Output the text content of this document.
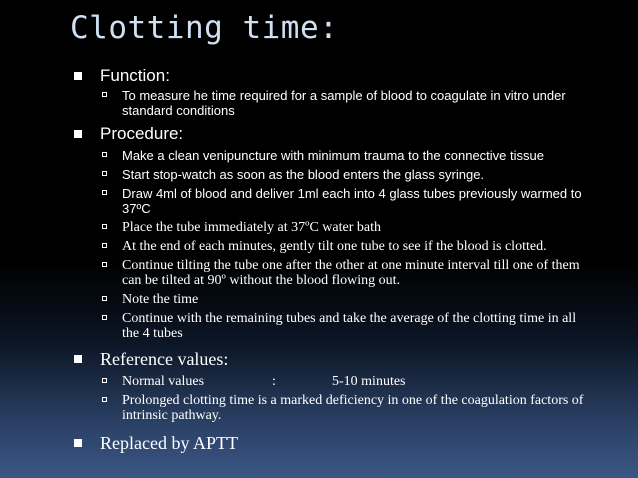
Clotting time:
Function:
To measure he time required for a sample of blood to coagulate in vitro under standard conditions
Procedure:
Make a clean venipuncture with minimum trauma to the connective tissue
Start stop-watch as soon as the blood enters the glass syringe.
Draw 4ml of blood and deliver 1ml each into 4 glass tubes previously warmed to 37ºC
Place the tube immediately at 37ºC water bath
At the end of each minutes, gently tilt one tube to see if the blood is clotted.
Continue tilting the tube one after the other at one minute interval till one of them can be tilted at 90º without the blood flowing out.
Note the time
Continue with the remaining tubes and take the average of the clotting time in all the 4 tubes
Reference values:
Normal values	:	5-10 minutes
Prolonged clotting time is a marked deficiency in one of the coagulation factors of intrinsic pathway.
Replaced by APTT
